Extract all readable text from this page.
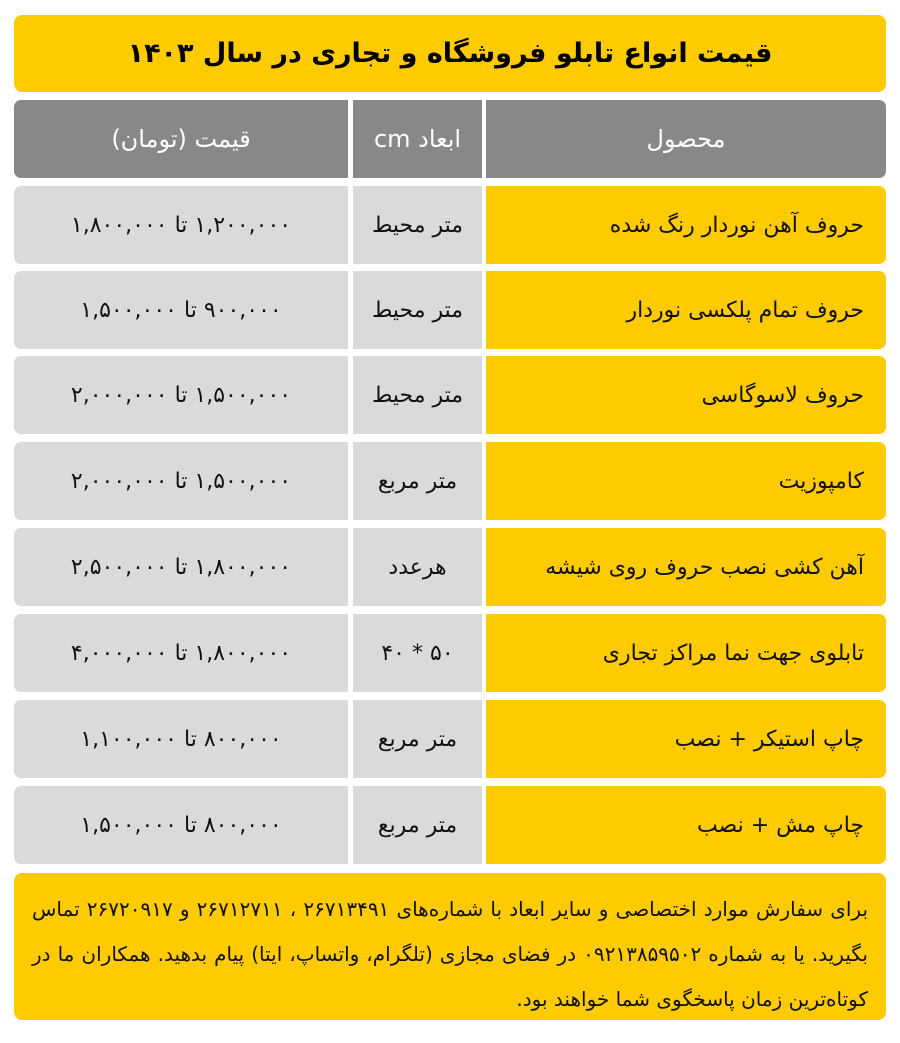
قیمت انواع تابلو فروشگاه و تجاری در سال ۱۴۰۳
محصول
ابعاد cm
قیمت (تومان)
حروف آهن نوردار رنگ شده
متر محیط
۱,۲۰۰,۰۰۰ تا ۱,۸۰۰,۰۰۰
حروف تمام پلکسی نوردار
متر محیط
۹۰۰,۰۰۰ تا ۱,۵۰۰,۰۰۰
حروف لاسوگاسی
متر محیط
۱,۵۰۰,۰۰۰ تا ۲,۰۰۰,۰۰۰
کامپوزیت
متر مربع
۱,۵۰۰,۰۰۰ تا ۲,۰۰۰,۰۰۰
آهن کشی نصب حروف روی شیشه
هرعدد
۱,۸۰۰,۰۰۰ تا ۲,۵۰۰,۰۰۰
تابلوی جهت نما مراکز تجاری
۵۰ * ۴۰
۱,۸۰۰,۰۰۰ تا ۴,۰۰۰,۰۰۰
چاپ استیکر + نصب
متر مربع
۸۰۰,۰۰۰ تا ۱,۱۰۰,۰۰۰
چاپ مش + نصب
متر مربع
۸۰۰,۰۰۰ تا ۱,۵۰۰,۰۰۰
برای سفارش موارد اختصاصی و سایر ابعاد با شماره‌های ۲۶۷۱۳۴۹۱ ، ۲۶۷۱۲۷۱۱ و ۲۶۷۲۰۹۱۷ تماس بگیرید. یا به شماره ۰۹۲۱۳۸۵۹۵۰۲ در فضای مجازی (تلگرام، واتساپ، ایتا) پیام بدهید. همکاران ما در کوتاه‌ترین زمان پاسخگوی شما خواهند بود.
